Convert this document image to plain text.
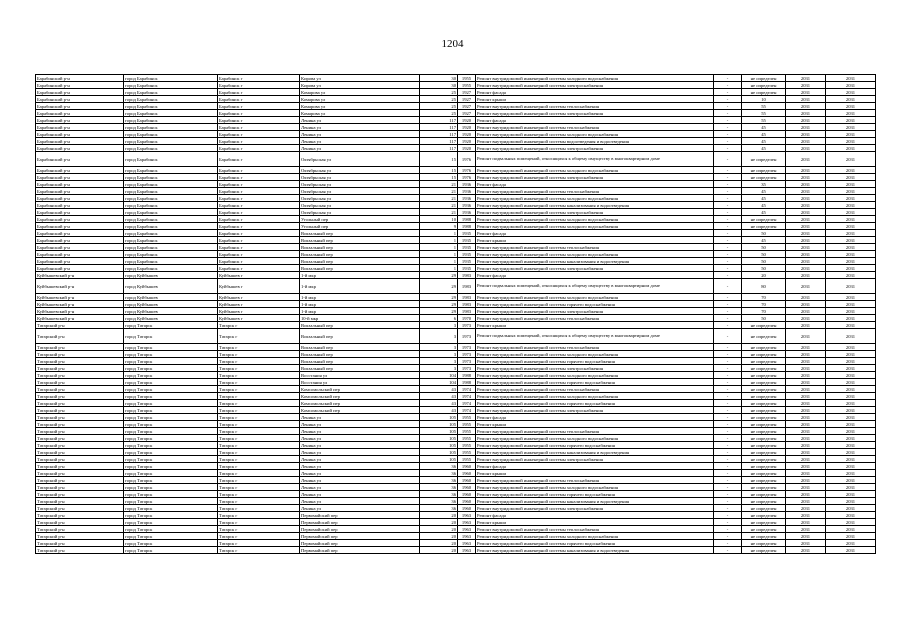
1204
Барабинский р-н	город Барабинск	Барабинск г	Кирова ул	30	1955	Ремонт внутридомовой инженерной системы холодного водоснабжения	-	не определен	2031	2031
Барабинский р-н	город Барабинск	Барабинск г	Кирова ул	30	1955	Ремонт внутридомовой инженерной системы электроснабжения	-	не определен	2031	2031
Барабинский р-н	город Барабинск	Барабинск г	Комарова ул	25	1927	Ремонт фасада	-	не определен	2031	2031
Барабинский р-н	город Барабинск	Барабинск г	Комарова ул	25	1927	Ремонт крыши	-	10	2031	2031
Барабинский р-н	город Барабинск	Барабинск г	Комарова ул	25	1927	Ремонт внутридомовой инженерной системы теплоснабжения	-	55	2031	2031
Барабинский р-н	город Барабинск	Барабинск г	Комарова ул	25	1927	Ремонт внутридомовой инженерной системы электроснабжения	-	55	2031	2031
Барабинский р-н	город Барабинск	Барабинск г	Ленина ул	117	1920	Ремонт фасада	-	55	2031	2031
Барабинский р-н	город Барабинск	Барабинск г	Ленина ул	117	1920	Ремонт внутридомовой инженерной системы теплоснабжения	-	45	2031	2031
Барабинский р-н	город Барабинск	Барабинск г	Ленина ул	117	1920	Ремонт внутридомовой инженерной системы холодного водоснабжения	-	45	2031	2031
Барабинский р-н	город Барабинск	Барабинск г	Ленина ул	117	1920	Ремонт внутридомовой инженерной системы водоотведения и водоотведения	-	45	2031	2031
Барабинский р-н	город Барабинск	Барабинск г	Ленина ул	117	1920	Ремонт внутридомовой инженерной системы электроснабжения	-	45	2031	2031
Барабинский р-н	город Барабинск	Барабинск г	Октябрьская ул	15	1976	Ремонт подвальных помещений, относящихся к общему имуществу в многоквартирном доме	-	не определен	2031	2031
Барабинский р-н	город Барабинск	Барабинск г	Октябрьская ул	15	1976	Ремонт внутридомовой инженерной системы холодного водоснабжения	-	не определен	2031	2031
Барабинский р-н	город Барабинск	Барабинск г	Октябрьская ул	15	1976	Ремонт внутридомовой инженерной системы электроснабжения	-	не определен	2031	2031
Барабинский р-н	город Барабинск	Барабинск г	Октябрьская ул	21	1936	Ремонт фасада	-	35	2031	2031
Барабинский р-н	город Барабинск	Барабинск г	Октябрьская ул	21	1936	Ремонт внутридомовой инженерной системы теплоснабжения	-	45	2031	2031
Барабинский р-н	город Барабинск	Барабинск г	Октябрьская ул	21	1936	Ремонт внутридомовой инженерной системы холодного водоснабжения	-	45	2031	2031
Барабинский р-н	город Барабинск	Барабинск г	Октябрьская ул	21	1936	Ремонт внутридомовой инженерной системы канализования и водоотведения	-	45	2031	2031
Барабинский р-н	город Барабинск	Барабинск г	Октябрьская ул	21	1936	Ремонт внутридомовой инженерной системы электроснабжения	-	45	2031	2031
Барабинский р-н	город Барабинск	Барабинск г	Угольный пер	10	1988	Ремонт внутридомовой инженерной системы холодного водоснабжения	-	не определен	2031	2031
Барабинский р-н	город Барабинск	Барабинск г	Угольный пер	9	1988	Ремонт внутридомовой инженерной системы холодного водоснабжения	-	не определен	2031	2031
Барабинский р-н	город Барабинск	Барабинск г	Вокзальный пер	1	1935	Ремонт фасада	-	50	2031	2031
Барабинский р-н	город Барабинск	Барабинск г	Вокзальный пер	1	1935	Ремонт крыши	-	45	2031	2031
Барабинский р-н	город Барабинск	Барабинск г	Вокзальный пер	1	1935	Ремонт внутридомовой инженерной системы теплоснабжения	-	50	2031	2031
Барабинский р-н	город Барабинск	Барабинск г	Вокзальный пер	1	1935	Ремонт внутридомовой инженерной системы холодного водоснабжения	-	50	2031	2031
Барабинский р-н	город Барабинск	Барабинск г	Вокзальный пер	1	1935	Ремонт внутридомовой инженерной системы канализования и водоотведения	-	50	2031	2031
Барабинский р-н	город Барабинск	Барабинск г	Вокзальный пер	1	1935	Ремонт внутридомовой инженерной системы электроснабжения	-	50	2031	2031
Куйбышевский р-н	город Куйбышев	Куйбышев г	1-й мкр	29	1983	Ремонт фасада	-	20	2031	2031
Куйбышевский р-н	город Куйбышев	Куйбышев г	1-й мкр	29	1983	Ремонт подвальных помещений, относящихся к общему имуществу в многоквартирном доме	-	80	2031	2031
Куйбышевский р-н	город Куйбышев	Куйбышев г	1-й мкр	29	1983	Ремонт внутридомовой инженерной системы холодного водоснабжения	-	70	2031	2031
Куйбышевский р-н	город Куйбышев	Куйбышев г	1-й мкр	29	1983	Ремонт внутридомовой инженерной системы горячего водоснабжения	-	70	2031	2031
Куйбышевский р-н	город Куйбышев	Куйбышев г	1-й мкр	29	1983	Ремонт внутридомовой инженерной системы электроснабжения	-	70	2031	2031
Куйбышевский р-н	город Куйбышев	Куйбышев г	10-й мкр	6	1970	Ремонт внутридомовой инженерной системы теплоснабжения	-	50	2031	2031
Татарский р-н	город Татарск	Татарск г	Вокзальный пер	3	1973	Ремонт крыши	-	не определен	2031	2031
Татарский р-н	город Татарск	Татарск г	Вокзальный пер	3	1973	Ремонт подвальных помещений, относящихся к общему имуществу в многоквартирном доме	-	не определен	2031	2031
Татарский р-н	город Татарск	Татарск г	Вокзальный пер	3	1973	Ремонт внутридомовой инженерной системы теплоснабжения	-	не определен	2031	2031
Татарский р-н	город Татарск	Татарск г	Вокзальный пер	3	1973	Ремонт внутридомовой инженерной системы холодного водоснабжения	-	не определен	2031	2031
Татарский р-н	город Татарск	Татарск г	Вокзальный пер	3	1973	Ремонт внутридомовой инженерной системы горячего водоснабжения	-	не определен	2031	2031
Татарский р-н	город Татарск	Татарск г	Вокзальный пер	3	1973	Ремонт внутридомовой инженерной системы электроснабжения	-	не определен	2031	2031
Татарский р-н	город Татарск	Татарск г	Восстания ул	104	1988	Ремонт внутридомовой инженерной системы холодного водоснабжения	-	не определен	2031	2031
Татарский р-н	город Татарск	Татарск г	Восстания ул	104	1988	Ремонт внутридомовой инженерной системы горячего водоснабжения	-	не определен	2031	2031
Татарский р-н	город Татарск	Татарск г	Комсомольский пер	43	1974	Ремонт внутридомовой инженерной системы теплоснабжения	-	не определен	2031	2031
Татарский р-н	город Татарск	Татарск г	Комсомольский пер	43	1974	Ремонт внутридомовой инженерной системы холодного водоснабжения	-	не определен	2031	2031
Татарский р-н	город Татарск	Татарск г	Комсомольский пер	43	1974	Ремонт внутридомовой инженерной системы горячего водоснабжения	-	не определен	2031	2031
Татарский р-н	город Татарск	Татарск г	Комсомольский пер	43	1974	Ремонт внутридомовой инженерной системы электроснабжения	-	не определен	2031	2031
Татарский р-н	город Татарск	Татарск г	Ленина ул	105	1955	Ремонт фасада	-	не определен	2031	2031
Татарский р-н	город Татарск	Татарск г	Ленина ул	105	1955	Ремонт крыши	-	не определен	2031	2031
Татарский р-н	город Татарск	Татарск г	Ленина ул	105	1955	Ремонт внутридомовой инженерной системы теплоснабжения	-	не определен	2031	2031
Татарский р-н	город Татарск	Татарск г	Ленина ул	105	1955	Ремонт внутридомовой инженерной системы холодного водоснабжения	-	не определен	2031	2031
Татарский р-н	город Татарск	Татарск г	Ленина ул	105	1955	Ремонт внутридомовой инженерной системы горячего водоснабжения	-	не определен	2031	2031
Татарский р-н	город Татарск	Татарск г	Ленина ул	105	1955	Ремонт внутридомовой инженерной системы канализования и водоотведения	-	не определен	2031	2031
Татарский р-н	город Татарск	Татарск г	Ленина ул	105	1955	Ремонт внутридомовой инженерной системы электроснабжения	-	не определен	2031	2031
Татарский р-н	город Татарск	Татарск г	Ленина ул	36	1960	Ремонт фасада	-	не определен	2031	2031
Татарский р-н	город Татарск	Татарск г	Ленина ул	36	1960	Ремонт крыши	-	не определен	2031	2031
Татарский р-н	город Татарск	Татарск г	Ленина ул	36	1960	Ремонт внутридомовой инженерной системы теплоснабжения	-	не определен	2031	2031
Татарский р-н	город Татарск	Татарск г	Ленина ул	36	1960	Ремонт внутридомовой инженерной системы холодного водоснабжения	-	не определен	2031	2031
Татарский р-н	город Татарск	Татарск г	Ленина ул	36	1960	Ремонт внутридомовой инженерной системы горячего водоснабжения	-	не определен	2031	2031
Татарский р-н	город Татарск	Татарск г	Ленина ул	36	1960	Ремонт внутридомовой инженерной системы канализования и водоотведения	-	не определен	2031	2031
Татарский р-н	город Татарск	Татарск г	Ленина ул	36	1960	Ремонт внутридомовой инженерной системы электроснабжения	-	не определен	2031	2031
Татарский р-н	город Татарск	Татарск г	Первомайский пер	20	1963	Ремонт фасада	-	не определен	2031	2031
Татарский р-н	город Татарск	Татарск г	Первомайский пер	20	1963	Ремонт крыши	-	не определен	2031	2031
Татарский р-н	город Татарск	Татарск г	Первомайский пер	20	1963	Ремонт внутридомовой инженерной системы теплоснабжения	-	не определен	2031	2031
Татарский р-н	город Татарск	Татарск г	Первомайский пер	20	1963	Ремонт внутридомовой инженерной системы холодного водоснабжения	-	не определен	2031	2031
Татарский р-н	город Татарск	Татарск г	Первомайский пер	20	1963	Ремонт внутридомовой инженерной системы горячего водоснабжения	-	не определен	2031	2031
Татарский р-н	город Татарск	Татарск г	Первомайский пер	20	1963	Ремонт внутридомовой инженерной системы канализования и водоотведения	-	не определен	2031	2031
